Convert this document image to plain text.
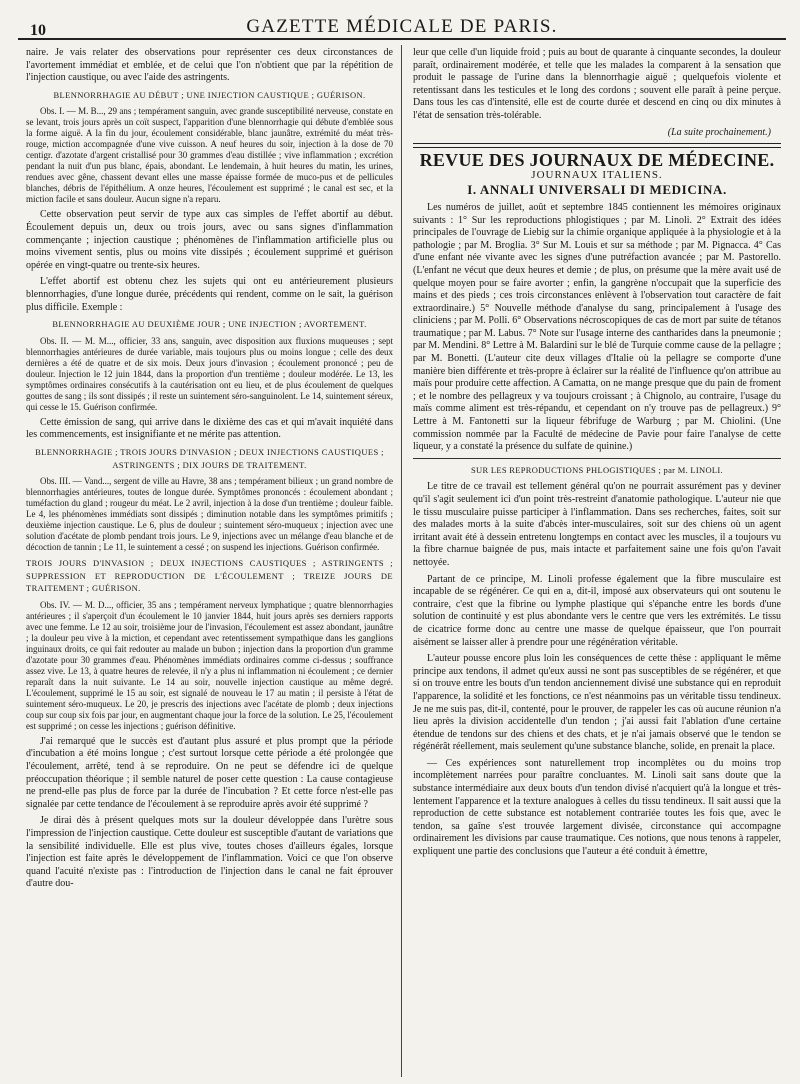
10	GAZETTE MÉDICALE DE PARIS.

naire. Je vais relater des observations pour représenter ces deux circonstances de l'avortement immédiat et emblée, et de celui que l'on n'obtient que par la répétition de l'injection caustique, ou avec l'aide des astringents.

BLENNORRHAGIE AU DÉBUT ; UNE INJECTION CAUSTIQUE ; GUÉRISON.

Obs. I. — M. B..., 29 ans ; tempérament sanguin, avec grande susceptibilité nerveuse, constate en se levant, trois jours après un coït suspect, l'apparition d'une blennorrhagie qui débute d'emblée sous la forme aiguë. A la fin du jour, écoulement considérable, blanc jaunâtre, extrémité du méat très-rouge, miction accompagnée d'une vive cuisson. A neuf heures du soir, injection à la dose de 70 centigr. d'azotate d'argent cristallisé pour 30 grammes d'eau distillée ; vive inflammation ; excrétion pendant la nuit d'un pus blanc, épais, abondant. Le lendemain, à huit heures du matin, les urines, rendues avec gêne, chassent devant elles une masse épaisse formée de muco-pus et de pellicules blanches, débris de l'épithélium. A onze heures, l'écoulement est supprimé ; le canal est sec, et la miction facile et sans douleur. Aucun signe n'a reparu.

Cette observation peut servir de type aux cas simples de l'effet abortif au début. Écoulement depuis un, deux ou trois jours, avec ou sans signes d'inflammation commençante ; injection caustique ; phénomènes de l'inflammation artificielle plus ou moins vivement sentis, plus ou moins vite dissipés ; écoulement supprimé et guérison opérée en vingt-quatre ou trente-six heures.

L'effet abortif est obtenu chez les sujets qui ont eu antérieurement plusieurs blennorrhagies, d'une longue durée, précédents qui rendent, comme on le sait, la guérison plus difficile. Exemple :

BLENNORRHAGIE AU DEUXIÈME JOUR ; UNE INJECTION ; AVORTEMENT.

Obs. II. — M. M..., officier, 33 ans, sanguin, avec disposition aux fluxions muqueuses ; sept blennorrhagies antérieures de durée variable, mais toujours plus ou moins longue ; celle des deux dernières a été de quatre et de six mois. Deux jours d'invasion ; écoulement prononcé ; peu de douleur. Injection le 12 juin 1844, dans la proportion d'un trentième ; douleur modérée. Le 13, les symptômes ordinaires consécutifs à la cautérisation ont eu lieu, et de plus écoulement de quelques gouttes de sang ; ils sont dissipés ; il reste un suintement séro-sanguinolent. Le 14, suintement séreux, qui cesse le 15. Guérison confirmée.

Cette émission de sang, qui arrive dans le dixième des cas et qui m'avait inquiété dans les commencements, est insignifiante et ne mérite pas attention.

BLENNORRHAGIE ; TROIS JOURS D'INVASION ; DEUX INJECTIONS CAUSTIQUES ;
ASTRINGENTS ; DIX JOURS DE TRAITEMENT.

Obs. III. — Vand..., sergent de ville au Havre, 38 ans ; tempérament bilieux ; un grand nombre de blennorrhagies antérieures, toutes de longue durée. Symptômes prononcés : écoulement abondant ; tuméfaction du gland ; rougeur du méat. Le 2 avril, injection à la dose d'un trentième ; douleur faible. Le 4, les phénomènes immédiats sont dissipés ; diminution notable dans les symptômes primitifs ; deuxième injection caustique. Le 6, plus de douleur ; suintement séro-muqueux ; injection avec une solution d'acétate de plomb pendant trois jours. Le 9, injections avec un mélange d'eau blanche et de décoction de tannin ; Le 11, le suintement a cessé ; on suspend les injections. Guérison confirmée.

TROIS JOURS D'INVASION ; DEUX INJECTIONS CAUSTIQUES ; ASTRINGENTS ; SUPPRESSION ET REPRODUCTION DE L'ÉCOULEMENT ; TREIZE JOURS DE TRAITEMENT ; GUÉRISON.

Obs. IV. — M. D..., officier, 35 ans ; tempérament nerveux lymphatique ; quatre blennorrhagies antérieures ; il s'aperçoit d'un écoulement le 10 janvier 1844, huit jours après ses derniers rapports avec une femme. Le 12 au soir, troisième jour de l'invasion, l'écoulement est assez abondant, jaunâtre ; la douleur peu vive à la miction, et cependant avec retentissement sympathique dans les ganglions inguinaux droits, ce qui fait redouter au malade un bubon ; injection dans la proportion d'un gramme d'azotate pour 30 grammes d'eau. Phénomènes immédiats ordinaires comme ci-dessus ; souffrance assez vive. Le 13, à quatre heures de relevée, il n'y a plus ni inflammation ni écoulement ; ce dernier reparaît dans la nuit suivante. Le 14 au soir, nouvelle injection caustique au même degré. L'écoulement, supprimé le 15 au soir, est signalé de nouveau le 17 au matin ; il persiste à l'état de suintement séro-muqueux. Le 20, je prescris des injections avec l'acétate de plomb ; deux injections coup sur coup six fois par jour, en augmentant chaque jour la force de la solution. Le 25, l'écoulement est supprimé ; on cesse les injections ; guérison définitive.

J'ai remarqué que le succès est d'autant plus assuré et plus prompt que la période d'incubation a été moins longue ; c'est surtout lorsque cette période a été prolongée que l'écoulement, arrêté, tend à se reproduire. On ne peut se défendre ici de quelque préoccupation théorique ; il semble naturel de poser cette question : La cause contagieuse ne prend-elle pas plus de force par la durée de l'incubation ? Et cette force n'est-elle pas signalée par cette tendance de l'écoulement à se reproduire après avoir été supprimé ?

Je dirai dès à présent quelques mots sur la douleur développée dans l'urètre sous l'impression de l'injection caustique. Cette douleur est susceptible d'autant de variations que la sensibilité individuelle. Elle est plus vive, toutes choses d'ailleurs égales, lorsque l'injection est faite après le développement de l'inflammation. Voici ce que l'on observe quand l'acuité n'existe pas : l'introduction de l'injection dans le canal ne fait éprouver d'autre dou-

leur que celle d'un liquide froid ; puis au bout de quarante à cinquante secondes, la douleur paraît, ordinairement modérée, et telle que les malades la comparent à la sensation que produit le passage de l'urine dans la blennorrhagie aiguë ; quelquefois violente et retentissant dans les testicules et le long des cordons ; souvent elle paraît à peine perçue. Dans tous les cas d'intensité, elle est de courte durée et descend en cinq ou dix minutes à l'état de sensation très-tolérable.

(La suite prochainement.)
REVUE DES JOURNAUX DE MÉDECINE.
JOURNAUX ITALIENS.
I. ANNALI UNIVERSALI DI MEDICINA.

Les numéros de juillet, août et septembre 1845 contiennent les mémoires originaux suivants : 1° Sur les reproductions phlogistiques ; par M. Linoli. 2° Extrait des idées principales de l'ouvrage de Liebig sur la chimie organique appliquée à la physiologie et à la pathologie ; par M. Broglia. 3° Sur M. Louis et sur sa méthode ; par M. Pignacca. 4° Cas d'une enfant née vivante avec les signes d'une putréfaction avancée ; par M. Pastorello. (L'enfant ne vécut que deux heures et demie ; de plus, on présume que la mère avait usé de quelque moyen pour se faire avorter ; enfin, la gangrène n'occupait que la superficie des mains et des pieds ; ces trois circonstances enlèvent à l'observation tout caractère de fait extraordinaire.) 5° Nouvelle méthode d'analyse du sang, principalement à l'usage des cliniciens ; par M. Polli. 6° Observations nécroscopiques de cas de mort par suite de tétanos traumatique ; par M. Labus. 7° Note sur l'usage interne des cantharides dans la pneumonie ; par M. Mendini. 8° Lettre à M. Balardini sur le blé de Turquie comme cause de la pellagre ; par M. Bonetti. (L'auteur cite deux villages d'Italie où la pellagre se comporte d'une manière bien différente et très-propre à éclairer sur la réalité de l'influence qu'on attribue au maïs pour produire cette affection. A Camatta, on ne mange presque que du pain de froment ; et le nombre des pellagreux y va toujours croissant ; à Chignolo, au contraire, l'usage du maïs comme aliment est très-répandu, et cependant on n'y trouve pas de pellagreux.) 9° Lettre à M. Fantonetti sur la liqueur fébrifuge de Warburg ; par M. Chiolini. (Une commission nommée par la Faculté de médecine de Pavie pour faire l'analyse de cette liqueur, y a constaté la présence du sulfate de quinine.)

SUR LES REPRODUCTIONS PHLOGISTIQUES ; par M. LINOLI.

Le titre de ce travail est tellement général qu'on ne pourrait assurément pas y deviner qu'il s'agit seulement ici d'un point très-restreint d'anatomie pathologique. L'auteur nie que le tissu musculaire puisse participer à l'inflammation. Dans ses recherches, faites, soit sur des malades morts à la suite d'abcès inter-musculaires, soit sur des chiens où un agent irritant avait été à dessein entretenu longtemps en contact avec les muscles, il a toujours vu la fibre charnue baignée de pus, mais intacte et parfaitement saine une fois qu'on l'avait nettoyée.

Partant de ce principe, M. Linoli professe également que la fibre musculaire est incapable de se régénérer. Ce qui en a, dit-il, imposé aux observateurs qui ont soutenu le contraire, c'est que la fibrine ou lymphe plastique qui s'épanche entre les bords d'une solution de continuité y est plus abondante vers le centre que vers les extrémités. Le tissu de cicatrice forme donc au centre une masse de quelque épaisseur, que l'on pourrait aisément se laisser aller à prendre pour une régénération véritable.

L'auteur pousse encore plus loin les conséquences de cette thèse : appliquant le même principe aux tendons, il admet qu'eux aussi ne sont pas susceptibles de se régénérer, et que si on trouve entre les bouts d'un tendon anciennement divisé une substance qui en reproduit l'apparence, la solidité et les fonctions, ce n'est néanmoins pas un véritable tissu tendineux. Je ne me suis pas, dit-il, contenté, pour le prouver, de rappeler les cas où aucune réunion n'a lieu après la division accidentelle d'un tendon ; j'ai aussi fait l'ablation d'une certaine étendue de tendons sur des chiens et des chats, et je n'ai jamais observé que le tendon se régénérât réellement, mais seulement qu'une substance blanche, solide, en prenait la place.

— Ces expériences sont naturellement trop incomplètes ou du moins trop incomplètement narrées pour paraître concluantes. M. Linoli sait sans doute que la substance intermédiaire aux deux bouts d'un tendon divisé n'acquiert qu'à la longue et très-lentement l'apparence et la texture analogues à celles du tissu tendineux. Il sait aussi que la reproduction de cette substance est notablement contrariée toutes les fois que, avec le tendon, sa gaîne s'est trouvée largement divisée, circonstance qui accompagne ordinairement les divisions par cause traumatique. Ces notions, que nous tenons à rappeler, expliquent une partie des conclusions que l'auteur a été conduit à émettre,
